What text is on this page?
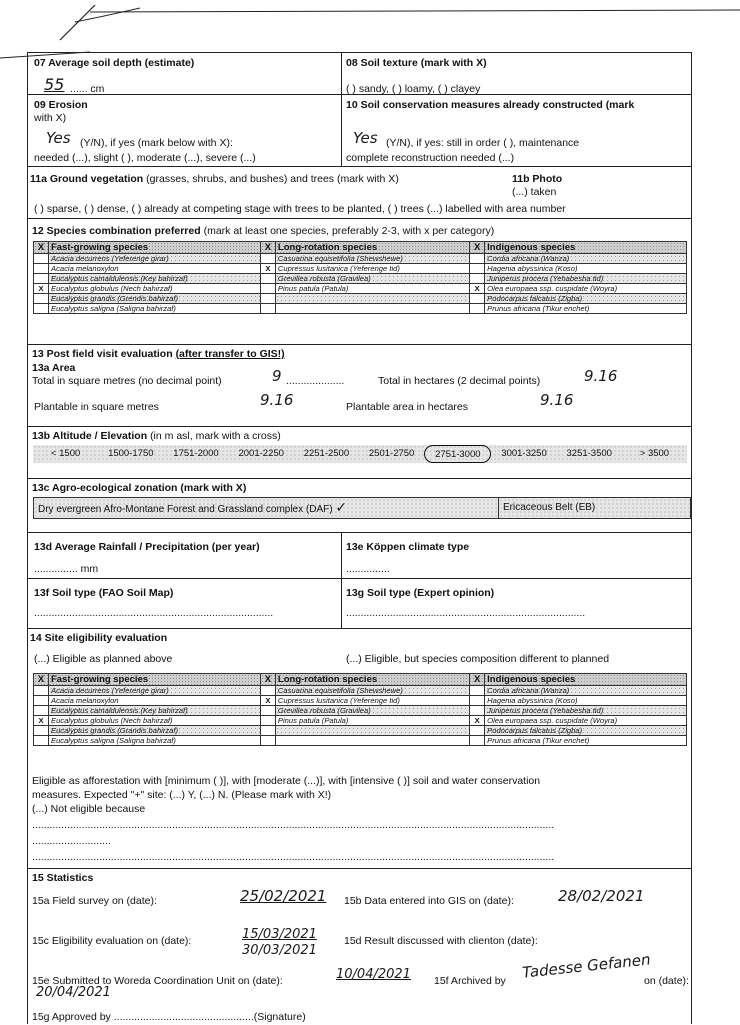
07 Average soil depth (estimate)
55 ...... cm
08 Soil texture (mark with X)
( ) sandy, ( ) loamy, ( ) clayey
09 Erosion
with X)
Yes (Y/N), if yes (mark below with X):
needed (...), slight ( ), moderate (...), severe (...)
10 Soil conservation measures already constructed (mark
Yes (Y/N), if yes: still in order ( ), maintenance
complete reconstruction needed (...)
11a Ground vegetation (grasses, shrubs, and bushes) and trees (mark with X)	11b Photo
(...) taken
( ) sparse, ( ) dense, ( ) already at competing stage with trees to be planted, ( ) trees (...) labelled with area number
12 Species combination preferred (mark at least one species, preferably 2-3, with x per category)
X	Fast-growing species	X	Long-rotation species	X	Indigenous species
	Acacia decurrens (Yeferenge girar)		Casuarina equisetifolia (Shewshewe)		Cordia africana (Wanza)
	Acacia melanoxylon	X	Cupressus lusitanica (Yeferenge tid)		Hagenia abyssinica (Koso)
	Eucalyptus camaldulensis (Key bahirzaf)		Grevillea robusta (Gravilea)		Juniperus procera (Yehabesha tid)
X	Eucalyptus globulus (Nech bahirzaf)		Pinus patula (Patula)	X	Olea europaea ssp. cuspidate (Woyra)
	Eucalyptus grandis (Grendis bahirzaf)				Podocarpus falcatus (Zigba)
	Eucalyptus saligna (Saligna bahirzaf)				Prunus africana (Tikur enchet)
13 Post field visit evaluation (after transfer to GIS!)
13a Area
Total in square metres (no decimal point)	9 ....................	Total in hectares (2 decimal points)	9.16
Plantable in square metres	9.16	Plantable area in hectares	9.16
13b Altitude / Elevation (in m asl, mark with a cross)
< 1500	1500-1750	1751-2000	2001-2250	2251-2500	2501-2750	2751-3000	3001-3250	3251-3500	> 3500
13c Agro-ecological zonation (mark with X)
Dry evergreen Afro-Montane Forest and Grassland complex (DAF) ✓	Ericaceous Belt (EB)
13d Average Rainfall / Precipitation (per year)
............... mm
13e Köppen climate type
...............
13f Soil type (FAO Soil Map)
..................................................................................
13g Soil type (Expert opinion)
..................................................................................
14 Site eligibility evaluation
(...) Eligible as planned above	(...) Eligible, but species composition different to planned
X	Fast-growing species	X	Long-rotation species	X	Indigenous species
	Acacia decurrens (Yeferenge girar)		Casuarina equisetifolia (Shewshewe)		Cordia africana (Wanza)
	Acacia melanoxylon	X	Cupressus lusitanica (Yeferenge tid)		Hagenia abyssinica (Koso)
	Eucalyptus camaldulensis (Key bahirzaf)		Grevillea robusta (Gravilea)		Juniperus procera (Yehabesha tid)
X	Eucalyptus globulus (Nech bahirzaf)		Pinus patula (Patula)	X	Olea europaea ssp. cuspidate (Woyra)
	Eucalyptus grandis (Grandis bahirzaf)				Podocarpus falcatus (Zigba)
	Eucalyptus saligna (Saligna bahirzaf)				Prunus africana (Tikur enchet)
Eligible as afforestation with [minimum ( )], with [moderate (...)], with [intensive ( )] soil and water conservation
measures. Expected "+" site: (...) Y, (...) N. (Please mark with X!)
(...) Not eligible because
...................................................................................................................................................................................
...........................
...................................................................................................................................................................................
15 Statistics
15a Field survey on (date):	25/02/2021 15b Data entered into GIS on (date):	28/02/2021
15c Eligibility evaluation on (date):	15/03/2021
30/03/2021
15d Result discussed with clienton (date):
15e Submitted to Woreda Coordination Unit on (date):	10/04/2021
20/04/2021
15f Archived by Tadesse Gefanen
on (date):
15g Approved by ................................................(Signature)
